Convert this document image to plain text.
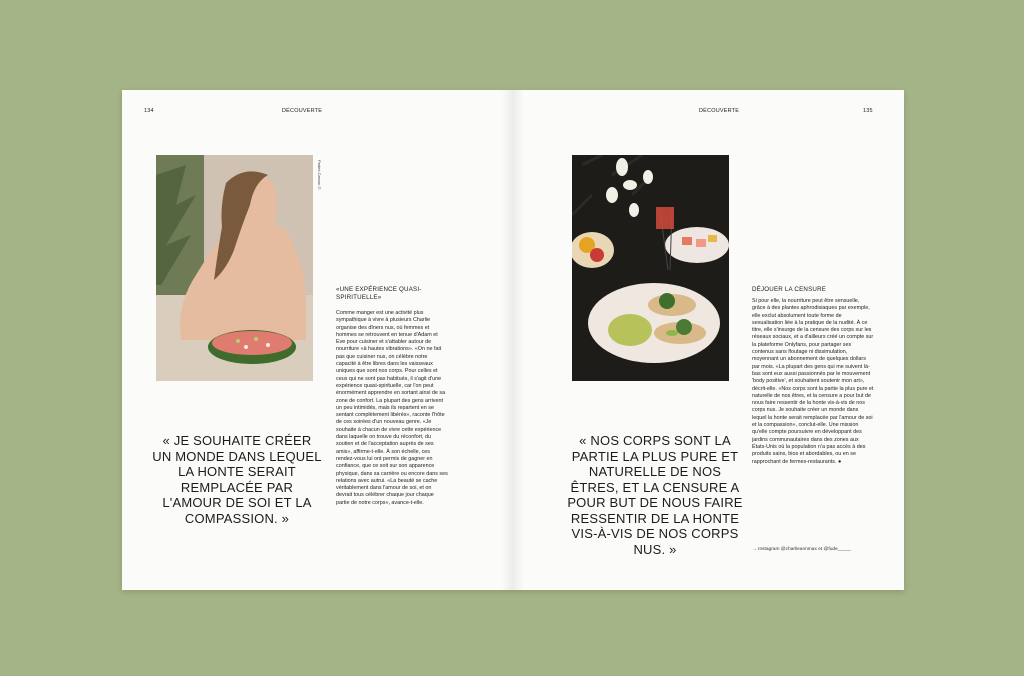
134	DÉCOUVERTE
Padmi Carson ©
« JE SOUHAITE CRÉER UN MONDE DANS LEQUEL LA HONTE SERAIT REMPLACÉE PAR L'AMOUR DE SOI ET LA COMPASSION. »
«UNE EXPÉRIENCE QUASI-SPIRITUELLE»

Comme manger est une activité plus sympathique à vivre à plusieurs Charlie organise des dîners nus, où femmes et hommes se retrouvent en tenue d'Adam et Eve pour cuisiner et s'attabler autour de nourriture «à hautes vibrations». «On ne fait pas que cuisiner nus, on célèbre notre capacité à être libres dans les vaisseaux uniques que sont nos corps. Pour celles et ceux qui ne sont pas habitués, il s'agit d'une expérience quasi-spirituelle, car l'on peut énormément apprendre en sortant ainsi de sa zone de confort. La plupart des gens arrivent un peu intimidés, mais ils repartent en se sentant complètement libérés», raconte l'hôte de ces soirées d'un nouveau genre. «Je souhaite à chacun de vivre cette expérience dans laquelle on trouve du réconfort, du soutien et de l'acceptation auprès de ses amis», affirme-t-elle. À son échelle, ces rendez-vous lui ont permis de gagner en confiance, que ce soit sur son apparence physique, dans sa carrière ou encore dans ses relations avec autrui. «La beauté se cache véritablement dans l'amour de soi, et on devrait tous célébrer chaque jour chaque partie de notre corps», avance-t-elle.

DÉCOUVERTE	135
« NOS CORPS SONT LA PARTIE LA PLUS PURE ET NATURELLE DE NOS ÊTRES, ET LA CENSURE A POUR BUT DE NOUS FAIRE RESSENTIR DE LA HONTE VIS-À-VIS DE NOS CORPS NUS. »
DÉJOUER LA CENSURE

Si pour elle, la nourriture peut être sensuelle, grâce à des plantes aphrodisiaques par exemple, elle exclut absolument toute forme de sexualisation liée à la pratique de la nudité. À ce titre, elle s'insurge de la censure des corps sur les réseaux sociaux, et a d'ailleurs créé un compte sur la plateforme Onlyfans, pour partager ses contenus sans floutage ni dissimulation, moyennant un abonnement de quelques dollars par mois. «La plupart des gens qui me suivent là-bas sont eux aussi passionnés par le mouvement 'body positive', et souhaitent soutenir mon art», décrit-elle. «Nos corps sont la partie la plus pure et naturelle de nos êtres, et la censure a pour but de nous faire ressentir de la honte vis-à-vis de nos corps nus. Je souhaite créer un monde dans lequel la honte serait remplacée par l'amour de soi et la compassion», conclut-elle. Une mission qu'elle compte poursuivre en développant des jardins communautaires dans des zones aux États-Unis où la population n'a pas accès à des produits sains, bios et abordables, ou en se rapprochant de fermes-restaurants. ●

→ Instagram @charlieannmax et @fude_____
